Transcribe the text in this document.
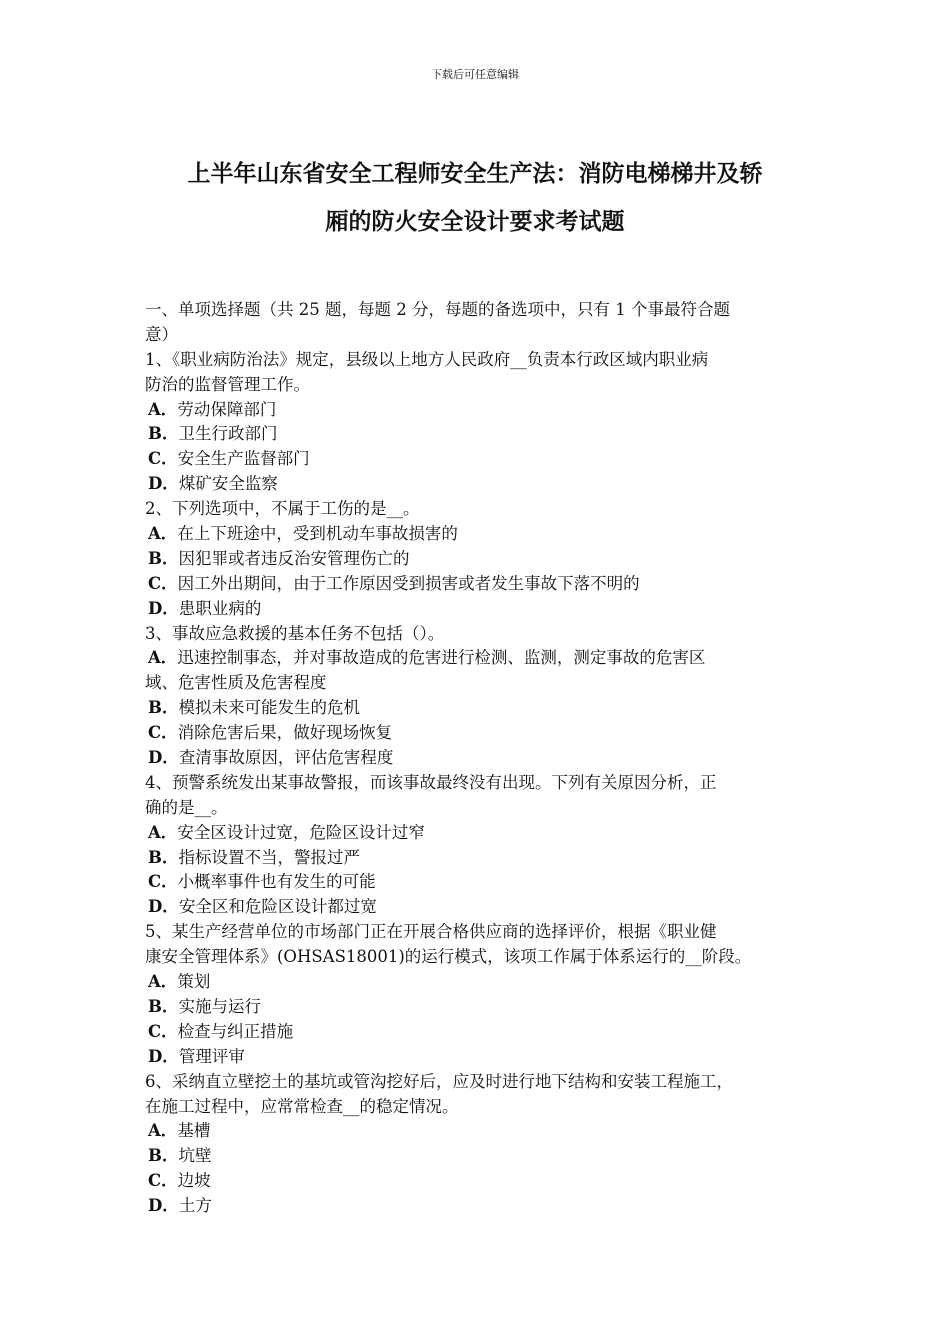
下载后可任意编辑
上半年山东省安全工程师安全生产法：消防电梯梯井及轿
厢的防火安全设计要求考试题
一、单项选择题（共 25 题，每题 2 分，每题的备选项中，只有 1 个事最符合题
意）
1、《职业病防治法》规定，县级以上地方人民政府__负责本行政区域内职业病
防治的监督管理工作。
A．劳动保障部门
B．卫生行政部门
C．安全生产监督部门
D．煤矿安全监察
2、下列选项中，不属于工伤的是__。
A．在上下班途中，受到机动车事故损害的
B．因犯罪或者违反治安管理伤亡的
C．因工外出期间，由于工作原因受到损害或者发生事故下落不明的
D．患职业病的
3、事故应急救援的基本任务不包括（）。
A．迅速控制事态，并对事故造成的危害进行检测、监测，测定事故的危害区
域、危害性质及危害程度
B．模拟未来可能发生的危机
C．消除危害后果，做好现场恢复
D．查清事故原因，评估危害程度
4、预警系统发出某事故警报，而该事故最终没有出现。下列有关原因分析，正
确的是__。
A．安全区设计过宽，危险区设计过窄
B．指标设置不当，警报过严
C．小概率事件也有发生的可能
D．安全区和危险区设计都过宽
5、某生产经营单位的市场部门正在开展合格供应商的选择评价，根据《职业健
康安全管理体系》(OHSAS18001)的运行模式，该项工作属于体系运行的__阶段。
A．策划
B．实施与运行
C．检查与纠正措施
D．管理评审
6、采纳直立壁挖土的基坑或管沟挖好后，应及时进行地下结构和安装工程施工，
在施工过程中，应常常检查__的稳定情况。
A．基槽
B．坑壁
C．边坡
D．土方
